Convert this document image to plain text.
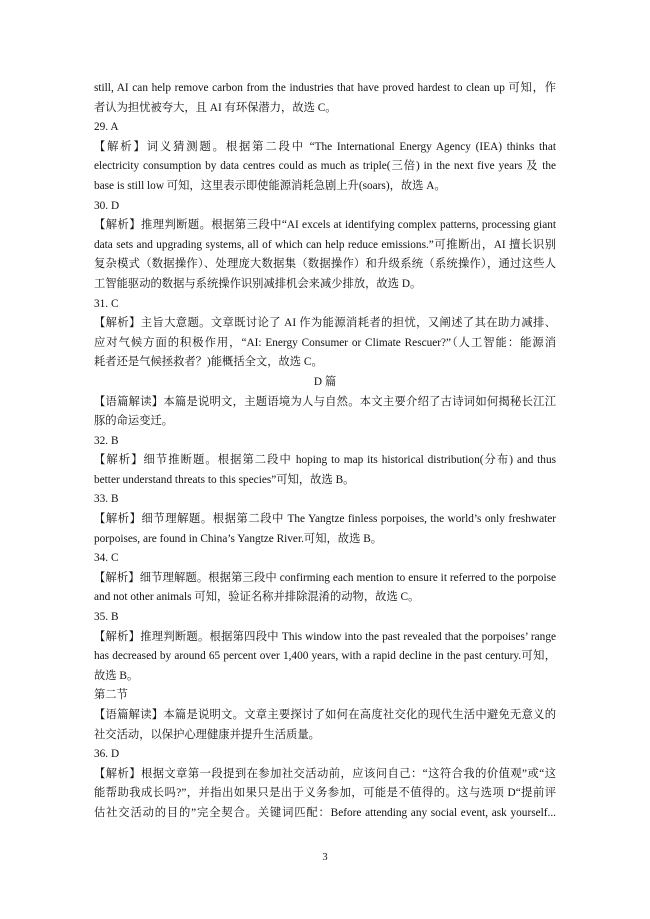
still, AI can help remove carbon from the industries that have proved hardest to clean up 可知，作

者认为担忧被夸大，且 AI 有环保潜力，故选 C。

29. A

【解析】词义猜测题。根据第二段中 “The International Energy Agency (IEA) thinks that

electricity consumption by data centres could as much as triple(三倍) in the next five years 及 the

base is still low 可知，这里表示即使能源消耗急剧上升(soars)，故选 A。

30. D

【解析】推理判断题。根据第三段中“AI excels at identifying complex patterns, processing giant

data sets and upgrading systems, all of which can help reduce emissions.”可推断出，AI 擅长识别

复杂模式（数据操作）、处理庞大数据集（数据操作）和升级系统（系统操作），通过这些人

工智能驱动的数据与系统操作识别减排机会来减少排放，故选 D。

31. C

【解析】主旨大意题。文章既讨论了 AI 作为能源消耗者的担忧，又阐述了其在助力减排、

应对气候方面的积极作用，“AI: Energy Consumer or Climate Rescuer?”（人工智能：能源消

耗者还是气候拯救者？)能概括全文，故选 C。

D 篇

【语篇解读】本篇是说明文，主题语境为人与自然。本文主要介绍了古诗词如何揭秘长江江

豚的命运变迁。

32. B

【解析】细节推断题。根据第二段中 hoping to map its historical distribution(分布) and thus

better understand threats to this species”可知，故选 B。

33. B

【解析】细节理解题。根据第二段中 The Yangtze finless porpoises, the world’s only freshwater

porpoises, are found in China’s Yangtze River.可知，故选 B。

34. C

【解析】细节理解题。根据第三段中 confirming each mention to ensure it referred to the porpoise

and not other animals 可知，验证名称并排除混淆的动物，故选 C。

35. B

【解析】推理判断题。根据第四段中 This window into the past revealed that the porpoises’ range

has decreased by around 65 percent over 1,400 years, with a rapid decline in the past century.可知，

故选 B。

第二节

【语篇解读】本篇是说明文。文章主要探讨了如何在高度社交化的现代生活中避免无意义的

社交活动，以保护心理健康并提升生活质量。

36. D

【解析】根据文章第一段提到在参加社交活动前，应该问自己：“这符合我的价值观”或“这

能帮助我成长吗?”，并指出如果只是出于义务参加，可能是不值得的。这与选项 D“提前评

估社交活动的目的”完全契合。关键词匹配：Before attending any social event, ask yourself...

3
